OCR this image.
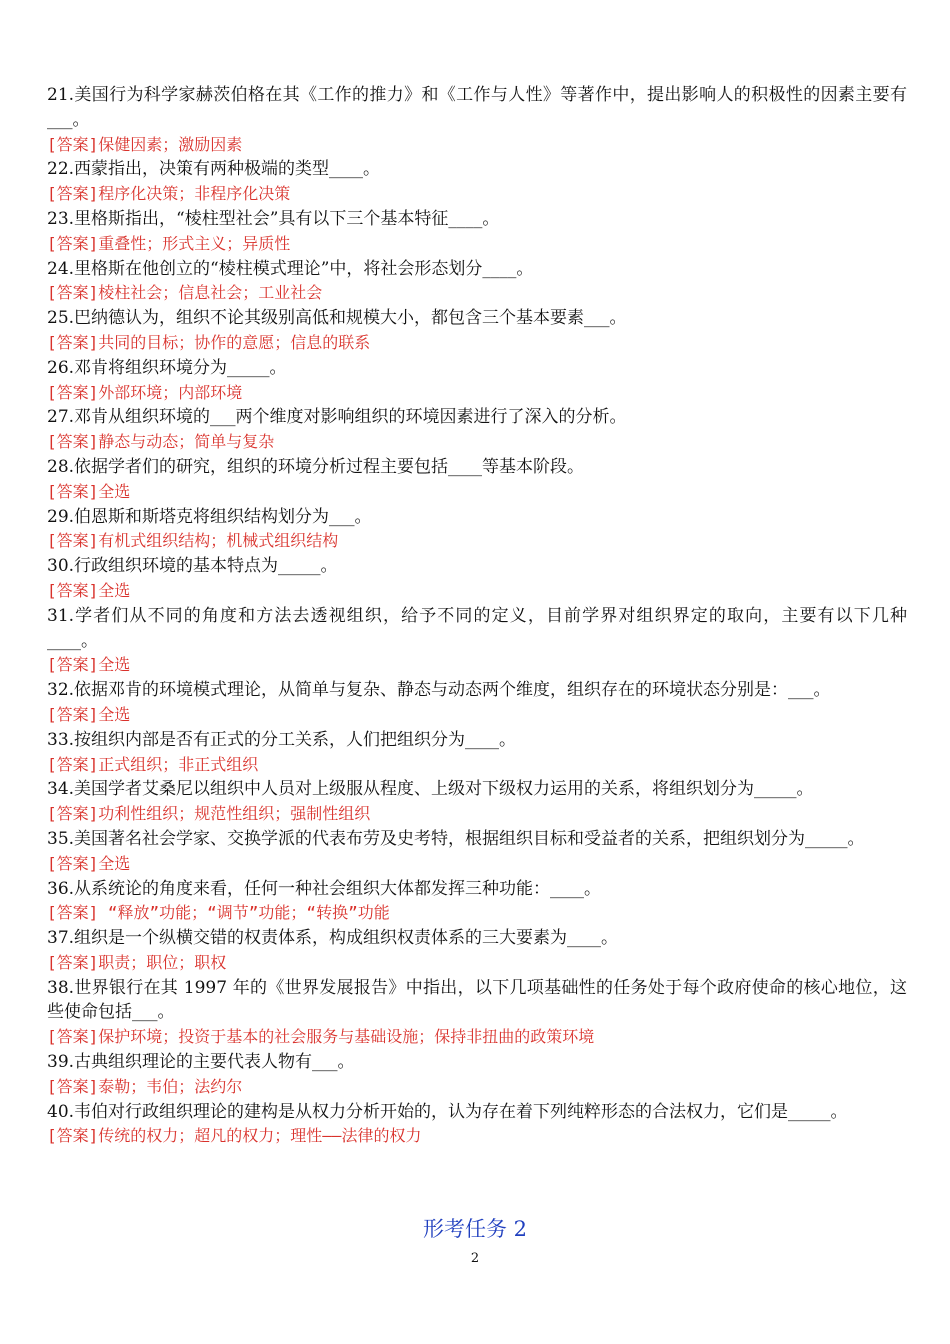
21.美国行为科学家赫茨伯格在其《工作的推力》和《工作与人性》等著作中，提出影响人的积极性的因素主要有___。
[答案]保健因素；激励因素
22.西蒙指出，决策有两种极端的类型____。
[答案]程序化决策；非程序化决策
23.里格斯指出，“棱柱型社会”具有以下三个基本特征____。
[答案]重叠性；形式主义；异质性
24.里格斯在他创立的“棱柱模式理论”中，将社会形态划分____。
[答案]棱柱社会；信息社会；工业社会
25.巴纳德认为，组织不论其级别高低和规模大小，都包含三个基本要素___。
[答案]共同的目标；协作的意愿；信息的联系
26.邓肯将组织环境分为_____。
[答案]外部环境；内部环境
27.邓肯从组织环境的___两个维度对影响组织的环境因素进行了深入的分析。
[答案]静态与动态；简单与复杂
28.依据学者们的研究，组织的环境分析过程主要包括____等基本阶段。
[答案]全选
29.伯恩斯和斯塔克将组织结构划分为___。
[答案]有机式组织结构；机械式组织结构
30.行政组织环境的基本特点为_____。
[答案]全选
31.学者们从不同的角度和方法去透视组织，给予不同的定义，目前学界对组织界定的取向，主要有以下几种____。
[答案]全选
32.依据邓肯的环境模式理论，从简单与复杂、静态与动态两个维度，组织存在的环境状态分别是：___。
[答案]全选
33.按组织内部是否有正式的分工关系，人们把组织分为____。
[答案]正式组织；非正式组织
34.美国学者艾桑尼以组织中人员对上级服从程度、上级对下级权力运用的关系，将组织划分为_____。
[答案]功利性组织；规范性组织；强制性组织
35.美国著名社会学家、交换学派的代表布劳及史考特，根据组织目标和受益者的关系，把组织划分为_____。
[答案]全选
36.从系统论的角度来看，任何一种社会组织大体都发挥三种功能：____。
[答案] “释放”功能；“调节”功能；“转换”功能
37.组织是一个纵横交错的权责体系，构成组织权责体系的三大要素为____。
[答案]职责；职位；职权
38.世界银行在其 1997 年的《世界发展报告》中指出，以下几项基础性的任务处于每个政府使命的核心地位，这些使命包括___。
[答案]保护环境；投资于基本的社会服务与基础设施；保持非扭曲的政策环境
39.古典组织理论的主要代表人物有___。
[答案]泰勒；韦伯；法约尔
40.韦伯对行政组织理论的建构是从权力分析开始的，认为存在着下列纯粹形态的合法权力，它们是_____。
[答案]传统的权力；超凡的权力；理性——法律的权力
形考任务 2
2
